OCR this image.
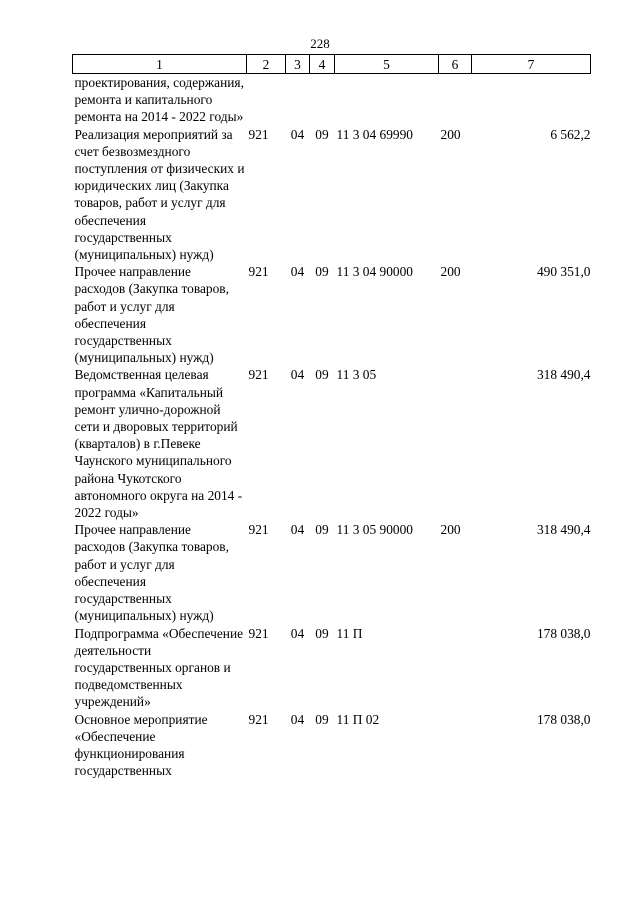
228
1	2	3	4	5	6	7
проектирования, содержания, ремонта и капитального ремонта на 2014 - 2022 годы»						
Реализация мероприятий за счет безвозмездного поступления от физических и юридических лиц (Закупка товаров, работ и услуг для обеспечения государственных (муниципальных) нужд)	921	04	09	11 3 04 69990	200	6 562,2
Прочее направление расходов (Закупка товаров, работ и услуг для обеспечения государственных (муниципальных) нужд)	921	04	09	11 3 04 90000	200	490 351,0
Ведомственная целевая программа «Капитальный ремонт улично-дорожной сети и дворовых территорий (кварталов) в г.Певеке Чаунского муниципального района Чукотского автономного округа на 2014 - 2022 годы»	921	04	09	11 3 05		318 490,4
Прочее направление расходов (Закупка товаров, работ и услуг для обеспечения государственных (муниципальных) нужд)	921	04	09	11 3 05 90000	200	318 490,4
Подпрограмма «Обеспечение деятельности государственных органов и подведомственных учреждений»	921	04	09	11 П		178 038,0
Основное мероприятие «Обеспечение функционирования государственных	921	04	09	11 П 02		178 038,0
